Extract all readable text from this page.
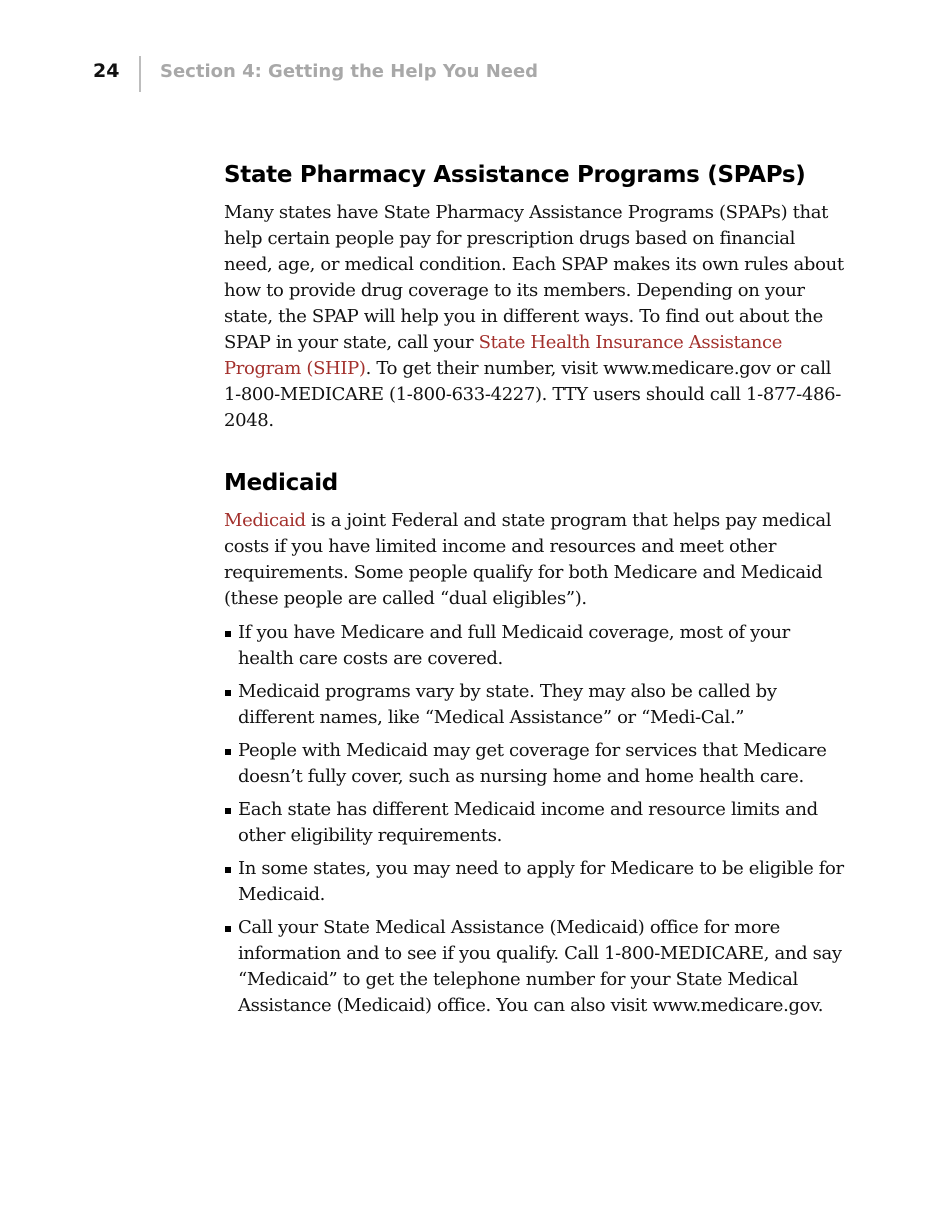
24 Section 4: Getting the Help You Need
State Pharmacy Assistance Programs (SPAPs)

Many states have State Pharmacy Assistance Programs (SPAPs) that help certain people pay for prescription drugs based on financial need, age, or medical condition. Each SPAP makes its own rules about how to provide drug coverage to its members. Depending on your state, the SPAP will help you in different ways. To find out about the SPAP in your state, call your State Health Insurance Assistance Program (SHIP). To get their number, visit www.medicare.gov or call 1-800-MEDICARE (1-800-633-4227). TTY users should call 1-877-486-2048.

Medicaid

Medicaid is a joint Federal and state program that helps pay medical costs if you have limited income and resources and meet other requirements. Some people qualify for both Medicare and Medicaid (these people are called “dual eligibles”).

If you have Medicare and full Medicaid coverage, most of your health care costs are covered.
Medicaid programs vary by state. They may also be called by different names, like “Medical Assistance” or “Medi-Cal.”
People with Medicaid may get coverage for services that Medicare doesn’t fully cover, such as nursing home and home health care.
Each state has different Medicaid income and resource limits and other eligibility requirements.
In some states, you may need to apply for Medicare to be eligible for Medicaid.
Call your State Medical Assistance (Medicaid) office for more information and to see if you qualify. Call 1-800-MEDICARE, and say “Medicaid” to get the telephone number for your State Medical Assistance (Medicaid) office. You can also visit www.medicare.gov.
